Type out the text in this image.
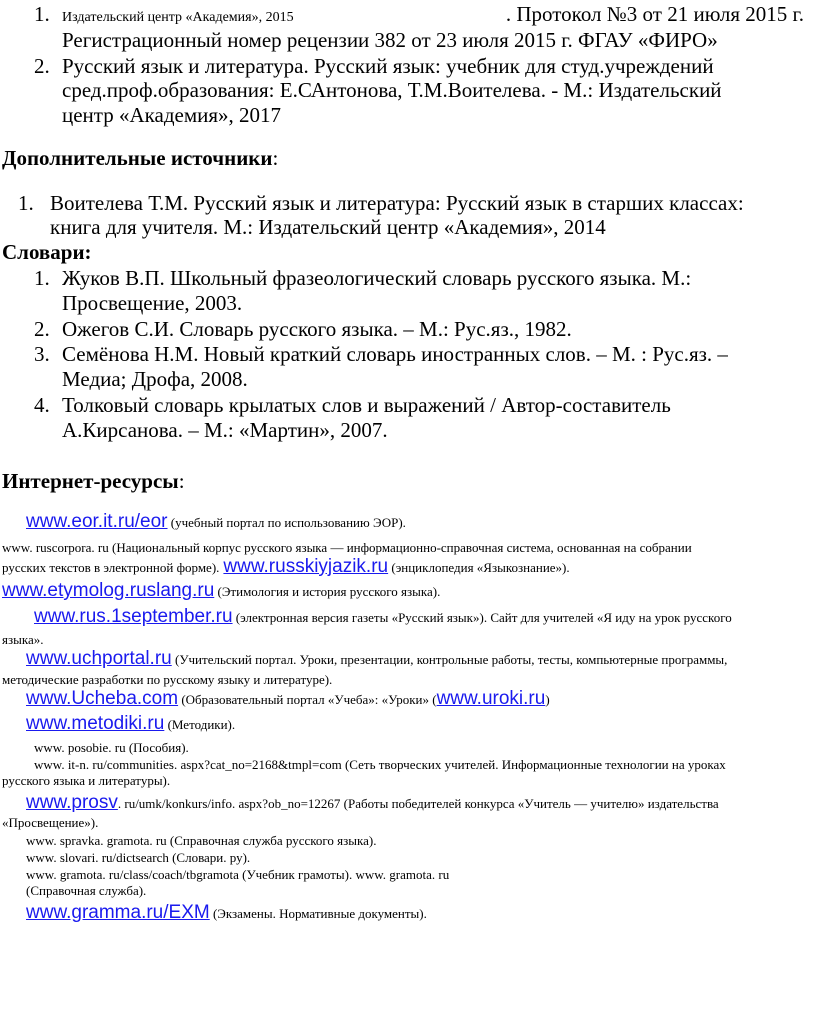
1. Издательский центр «Академия», 2015	. Протокол №3 от 21 июля 2015 г.
Регистрационный номер рецензии 382 от 23 июля 2015 г. ФГАУ «ФИРО»
2. Русский язык и литература. Русский язык: учебник для студ.учреждений
сред.проф.образования: Е.САнтонова, Т.М.Воителева. - М.: Издательский
центр «Академия», 2017
Дополнительные источники:
1. Воителева Т.М. Русский язык и литература: Русский язык в старших классах:
книга для учителя. М.: Издательский центр «Академия», 2014
Словари:
1. Жуков В.П. Школьный фразеологический словарь русского языка. М.:
Просвещение, 2003.
2. Ожегов С.И. Словарь русского языка. – М.: Рус.яз., 1982.
3. Семёнова Н.М. Новый краткий словарь иностранных слов. – М. : Рус.яз. –
Медиа; Дрофа, 2008.
4. Толковый словарь крылатых слов и выражений / Автор-составитель
А.Кирсанова. – М.: «Мартин», 2007.
Интернет-ресурсы:
www.eor.it.ru/eor (учебный портал по использованию ЭОР).
www. ruscorpora. ru (Национальный корпус русского языка — информационно-справочная система, основанная на собрании
русских текстов в электронной форме). www.russkiyjazik.ru (энциклопедия «Языкознание»).
www.etymolog.ruslang.ru (Этимология и история русского языка).
www.rus.1september.ru (электронная версия газеты «Русский язык»). Сайт для учителей «Я иду на урок русского
языка».
www.uchportal.ru (Учительский портал. Уроки, презентации, контрольные работы, тесты, компьютерные программы,
методические разработки по русскому языку и литературе).
www.Ucheba.com (Образовательный портал «Учеба»: «Уроки» (www.uroki.ru)
www.metodiki.ru (Методики).
www. posobie. ru (Пособия).
www. it-n. ru/communities. aspx?cat_no=2168&tmpl=com (Сеть творческих учителей. Информационные технологии на уроках
русского языка и литературы).
www.prosv. ru/umk/konkurs/info. aspx?ob_no=12267 (Работы победителей конкурса «Учитель — учителю» издательства
«Просвещение»).
www. spravka. gramota. ru (Справочная служба русского языка).
www. slovari. ru/dictsearch (Словари. ру).
www. gramota. ru/class/coach/tbgramota (Учебник грамоты). www. gramota. ru
(Справочная служба).
www.gramma.ru/EXM (Экзамены. Нормативные документы).
